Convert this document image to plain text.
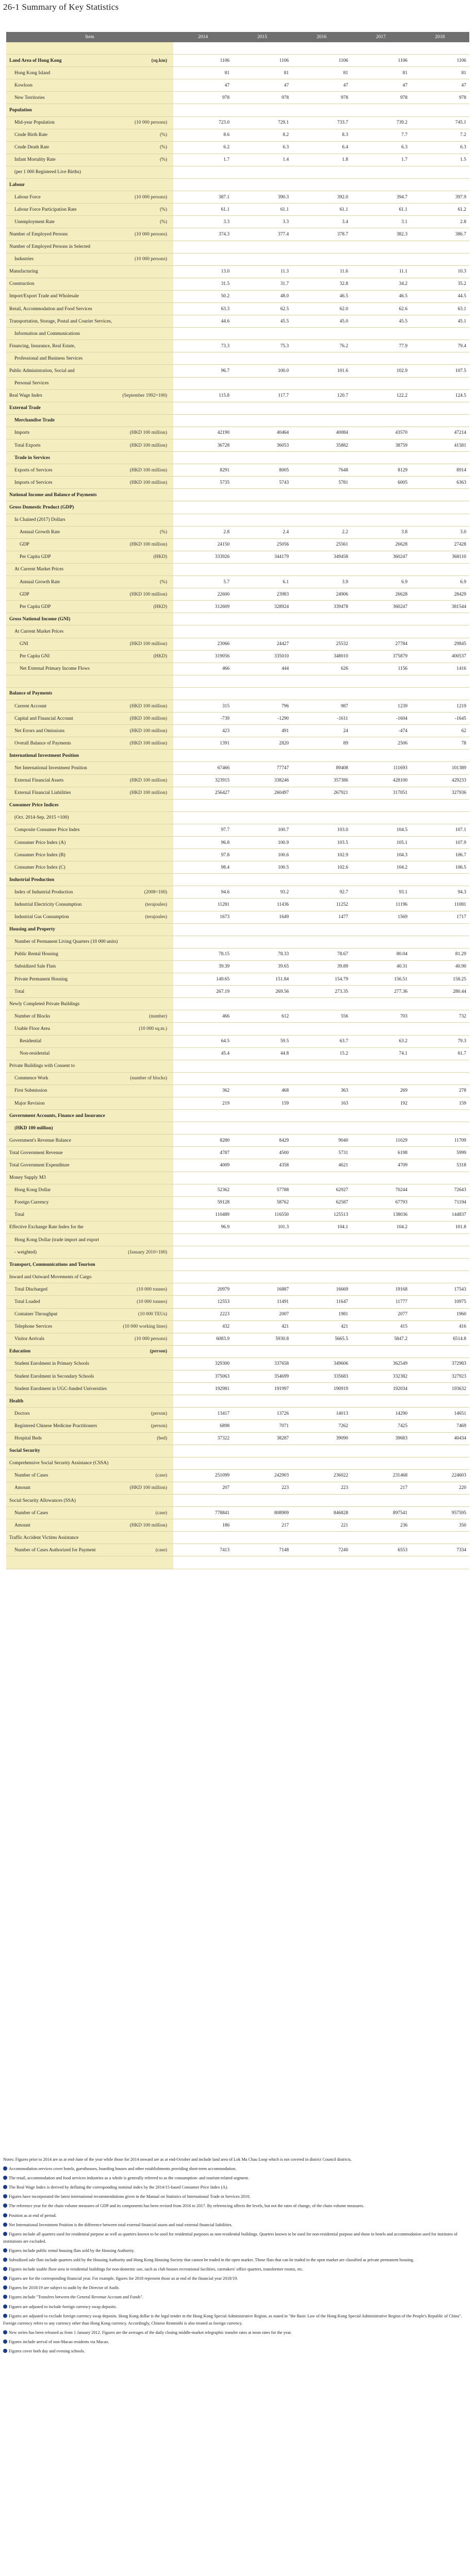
26-1 Summary of Key Statistics
Item	2014	2015	2016	2017	2018

Land Area of Hong Kong (sq.km)	1106	1106	1106	1106	1106
Hong Kong Island	81	81	81	81	81
Kowloon	47	47	47	47	47
New Territories	978	978	978	978	978
Population

Mid-year Population (10 000 persons)	723.0	729.1	733.7	739.2	745.1
Crude Birth Rate (%)	8.6	8.2	8.3	7.7	7.2
Crude Death Rate (%)	6.2	6.3	6.4	6.3	6.3
Infant Mortality Rate (%)	1.7	1.4	1.8	1.7	1.5
(per 1 000 Registered Live Births)

Labour

Labour Force (10 000 persons)	387.1	390.3	392.0	394.7	397.9
Labour Force Participation Rate (%)	61.1	61.1	61.1	61.1	61.2
Unemployment Rate (%)	3.3	3.3	3.4	3.1	2.8
Number of Employed Persons (10 000 persons)	374.3	377.4	378.7	382.3	386.7
Number of Employed Persons in Selected

Industries (10 000 persons)					

Manufacturing	13.0	11.3	11.6	11.1	10.3
Construction	31.5	31.7	32.8	34.2	35.2
Import/Export Trade and Wholesale	50.2	48.0	46.5	46.5	44.5
Retail, Accommodation and Food Services	63.3	62.5	62.0	62.6	63.1
Transportation, Storage, Postal and Courier Services,	44.6	45.5	45.0	45.5	45.1
Information and Communications

Financing, Insurance, Real Estate,	73.3	75.3	76.2	77.9	79.4
Professional and Business Services

Public Administration, Social and	96.7	100.0	101.6	102.9	107.5
Personal Services

Real Wage Index (September 1992=100)	115.8	117.7	120.7	122.2	124.5
External Trade

Merchandise Trade

Imports (HKD 100 million)	42190	40464	40084	43570	47214
Total Exports (HKD 100 million)	36728	36053	35882	38759	41581
Trade in Services

Exports of Services (HKD 100 million)	8291	8005	7648	8129	8914
Imports of Services (HKD 100 million)	5735	5743	5781	6005	6363
National Income and Balance of Payments

Gross Domestic Product (GDP)

In Chained (2017) Dollars

Annual Growth Rate (%)	2.8	2.4	2.2	3.8	3.0
GDP (HKD 100 million)	24150	25056	25561	26628	27428
Per Capita GDP (HKD)	333926	344179	349458	360247	368110
At Current Market Prices

Annual Growth Rate (%)	5.7	6.1	3.9	6.9	6.9
GDP (HKD 100 million)	22600	23983	24906	26628	28429
Per Capita GDP (HKD)	312609	328924	339478	360247	381544
Gross National Income (GNI)

At Current Market Prices

GNI (HKD 100 million)	23066	24427	25532	27784	29845
Per Capita GNI (HKD)	319056	335010	348010	375879	400537
Net External Primary Income Flows	466	444	626	1156	1416

Balance of Payments

Current Account (HKD 100 million)	315	796	987	1239	1219
Capital and Financial Account (HKD 100 million)	-739	-1290	-1611	-1604	-1645
Net Errors and Omissions (HKD 100 million)	423	491	24	-474	62
Overall Balance of Payments (HKD 100 million)	1391	2820	89	2506	78
International Investment Position

Net International Investment Position	67466	77747	89408	111693	101389
External Financial Assets (HKD 100 million)	323915	338246	357386	428100	429233
External Financial Liabilities (HKD 100 million)	256427	260497	267921	317051	327936
Consumer Price Indices

(Oct. 2014-Sep. 2015 =100)

Composite Consumer Price Index	97.7	100.7	103.0	104.5	107.1
Consumer Price Index (A)	96.8	100.9	103.5	105.1	107.9
Consumer Price Index (B)	97.8	100.6	102.9	104.3	106.7
Consumer Price Index (C)	98.4	100.5	102.6	104.2	106.5
Industrial Production

Index of Industrial Production (2008=100)	94.6	93.2	92.7	93.1	94.3
Industrial Electricity Consumption (terajoules)	11281	11436	11252	11196	11081
Industrial Gas Consumption (terajoules)	1673	1649	1477	1569	1717
Housing and Property

Number of Permanent Living Quarters (10 000 units)

Public Rental Housing	78.15	78.33	78.67	80.04	81.29
Subsidized Sale Flats	39.39	39.65	39.89	40.31	40.90
Private Permanent Housing	149.65	151.84	154.79	156.51	158.25
Total	267.19	269.56	273.35	277.36	280.44
Newly Completed Private Buildings

Number of Blocks (number)	466	612	556	703	732
Usable Floor Area (10 000 sq.m.)					

Residential	64.5	59.5	63.7	63.2	79.3
Non-residential	45.4	44.8	15.2	74.1	61.7
Private Buildings with Consent to

Commence Work (number of blocks)					

First Submission	362	468	363	269	278
Major Revision	219	159	163	192	159
Government Accounts, Finance and Insurance

(HKD 100 million)

Government's Revenue Balance	8280	8429	9040	11029	11709
Total Government Revenue	4787	4500	5731	6198	5999
Total Government Expenditure	4009	4358	4621	4709	5318
Money Supply M3

Hong Kong Dollar	52362	57788	62927	70244	72643
Foreign Currency	59128	58762	62587	67793	71194
Total	110489	116550	125513	138036	144837
Effective Exchange Rate Index for the	96.9	101.3	104.1	104.2	101.8
Hong Kong Dollar (trade import and export

- weighted) (January 2010=100)					

Transport, Communications and Tourism

Inward and Outward Movements of Cargo

Total Discharged (10 000 tonnes)	20979	16887	16669	19168	17543
Total Loaded (10 000 tonnes)	12553	11491	11647	11777	10975
Container Throughput (10 000 TEUs)	2223	2007	1981	2077	1960
Telephone Services (10 000 working lines)	432	421	421	415	416
Visitor Arrivals (10 000 persons)	6083.9	5930.8	5665.5	5847.2	6514.8
Education (person)					

Student Enrolment in Primary Schools	329300	337658	349606	362549	372983
Student Enrolment in Secondary Schools	375063	354699	335683	332382	327923
Student Enrolment in UGC-funded Universities	192981	191997	190919	192034	193632
Health

Doctors (person)	13417	13726	14013	14290	14651
Registered Chinese Medicine Practitioners (person)	6898	7071	7262	7425	7469
Hospital Beds (bed)	37322	38287	39090	39683	40434
Social Security

Comprehensive Social Security Assistance (CSSA)

Number of Cases (case)	251099	242903	236022	231468	224603
Amount (HKD 100 million)	207	223	223	217	220
Social Security Allowances (SSA)

Number of Cases (case)	778841	808909	846828	897541	957595
Amount (HKD 100 million)	186	217	221	236	350
Traffic Accident Victims Assistance

Number of Cases Authorized for Payment (case)	7413	7148	7240	6553	7334

Notes: Figures prior to 2014 are as at end-June of the year while those for 2014 onward are as at end-October and include land area of Lok Ma Chau Loop which is not covered in district Council districts.

Accommodation services cover hotels, guesthouses, boarding houses and other establishments providing short-term accommodation.

The retail, accommodation and food services industries as a whole is generally referred to as the consumption- and tourism-related segment.

The Real Wage Index is derived by deflating the corresponding nominal index by the 2014/15-based Consumer Price Index (A).

Figures have incorporated the latest international recommendations given in the Manual on Statistics of International Trade in Services 2010.

The reference year for the chain volume measures of GDP and its components has been revised from 2016 to 2017. By referencing affects the levels, but not the rates of change, of the chain volume measures.

Position as at end of period.

Net International Investment Position is the difference between total external financial assets and total external financial liabilities.

Figures include all quarters used for residential purpose as well as quarters known to be used for residential purposes as non-residential buildings. Quarters known to be used for non-residential purpose and those in hotels and accommodation used for institutes of institutions are excluded.

Figures include public rental housing flats sold by the Housing Authority.

Subsidized sale flats include quarters sold by the Housing Authority and Hong Kong Housing Society that cannot be traded in the open market. Those flats that can be traded in the open market are classified as private permanent housing.

Figures include usable floor area in residential buildings for non-domestic use, such as club houses recreational facilities, caretakers' office quarters, transformer rooms, etc.

Figures are for the corresponding financial year. For example, figures for 2018 represent those as at end of the financial year 2018/19.

Figures for 2018/19 are subject to audit by the Director of Audit.

Figures include "Transfers between the General Revenue Account and Funds".

Figures are adjusted to include foreign currency swap deposits.

Figures are adjusted to exclude foreign currency swap deposits. Hong Kong dollar is the legal tender in the Hong Kong Special Administrative Region, as stated in "the Basic Law of the Hong Kong Special Administrative Region of the People's Republic of China". Foreign currency refers to any currency other than Hong Kong currency. Accordingly, Chinese Renminbi is also treated as foreign currency.

New series has been released as from 1 January 2012. Figures are the averages of the daily closing middle-market telegraphic transfer rates at noon rates for the year.

Figures include arrival of non-Macao residents via Macao.

Figures cover both day and evening schools.
